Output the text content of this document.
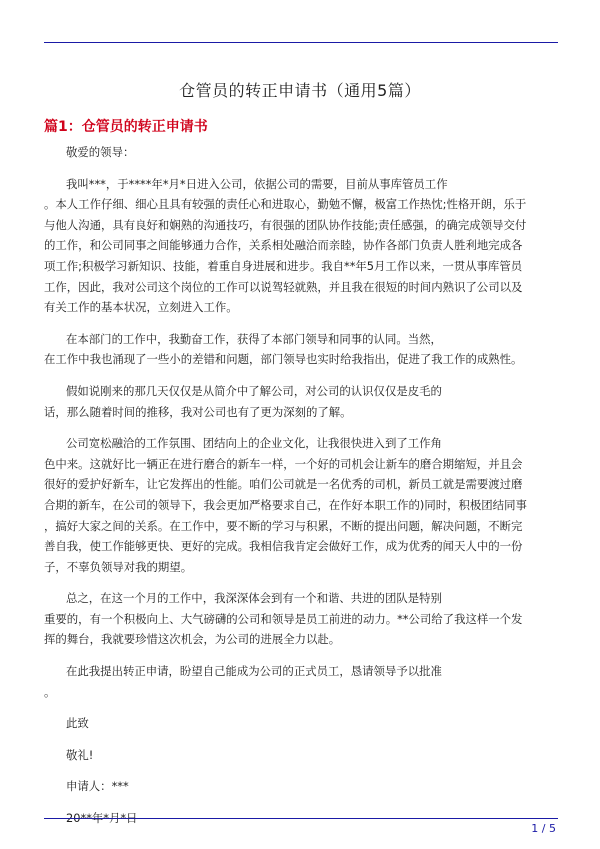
仓管员的转正申请书（通用5篇）
篇1：仓管员的转正申请书
敬爱的领导：
我叫***，于****年*月*日进入公司，依据公司的需要，目前从事库管员工作
。本人工作仔细、细心且具有较强的责任心和进取心，勤勉不懈，极富工作热忱;性格开朗，乐于
与他人沟通，具有良好和娴熟的沟通技巧，有很强的团队协作技能;责任感强，的确完成领导交付
的工作，和公司同事之间能够通力合作，关系相处融洽而亲睦，协作各部门负责人胜利地完成各
项工作;积极学习新知识、技能，着重自身进展和进步。我自**年5月工作以来，一贯从事库管员
工作，因此，我对公司这个岗位的工作可以说驾轻就熟，并且我在很短的时间内熟识了公司以及
有关工作的基本状况，立刻进入工作。
在本部门的工作中，我勤奋工作，获得了本部门领导和同事的认同。当然，
在工作中我也涌现了一些小的差错和问题，部门领导也实时给我指出，促进了我工作的成熟性。
假如说刚来的那几天仅仅是从简介中了解公司，对公司的认识仅仅是皮毛的
话，那么随着时间的推移，我对公司也有了更为深刻的了解。
公司宽松融洽的工作氛围、团结向上的企业文化，让我很快进入到了工作角
色中来。这就好比一辆正在进行磨合的新车一样，一个好的司机会让新车的磨合期缩短，并且会
很好的爱护好新车，让它发挥出的性能。咱们公司就是一名优秀的司机，新员工就是需要渡过磨
合期的新车，在公司的领导下，我会更加严格要求自己，在作好本职工作的)同时，积极团结同事
，搞好大家之间的关系。在工作中，要不断的学习与积累，不断的提出问题，解决问题，不断完
善自我，使工作能够更快、更好的完成。我相信我肯定会做好工作，成为优秀的闻天人中的一份
子，不辜负领导对我的期望。
总之，在这一个月的工作中，我深深体会到有一个和谐、共进的团队是特别
重要的，有一个积极向上、大气磅礴的公司和领导是员工前进的动力。**公司给了我这样一个发
挥的舞台，我就要珍惜这次机会，为公司的进展全力以赴。
在此我提出转正申请，盼望自己能成为公司的正式员工，恳请领导予以批准
。
此致
敬礼!
申请人：***
20**年*月*日
1 / 5
